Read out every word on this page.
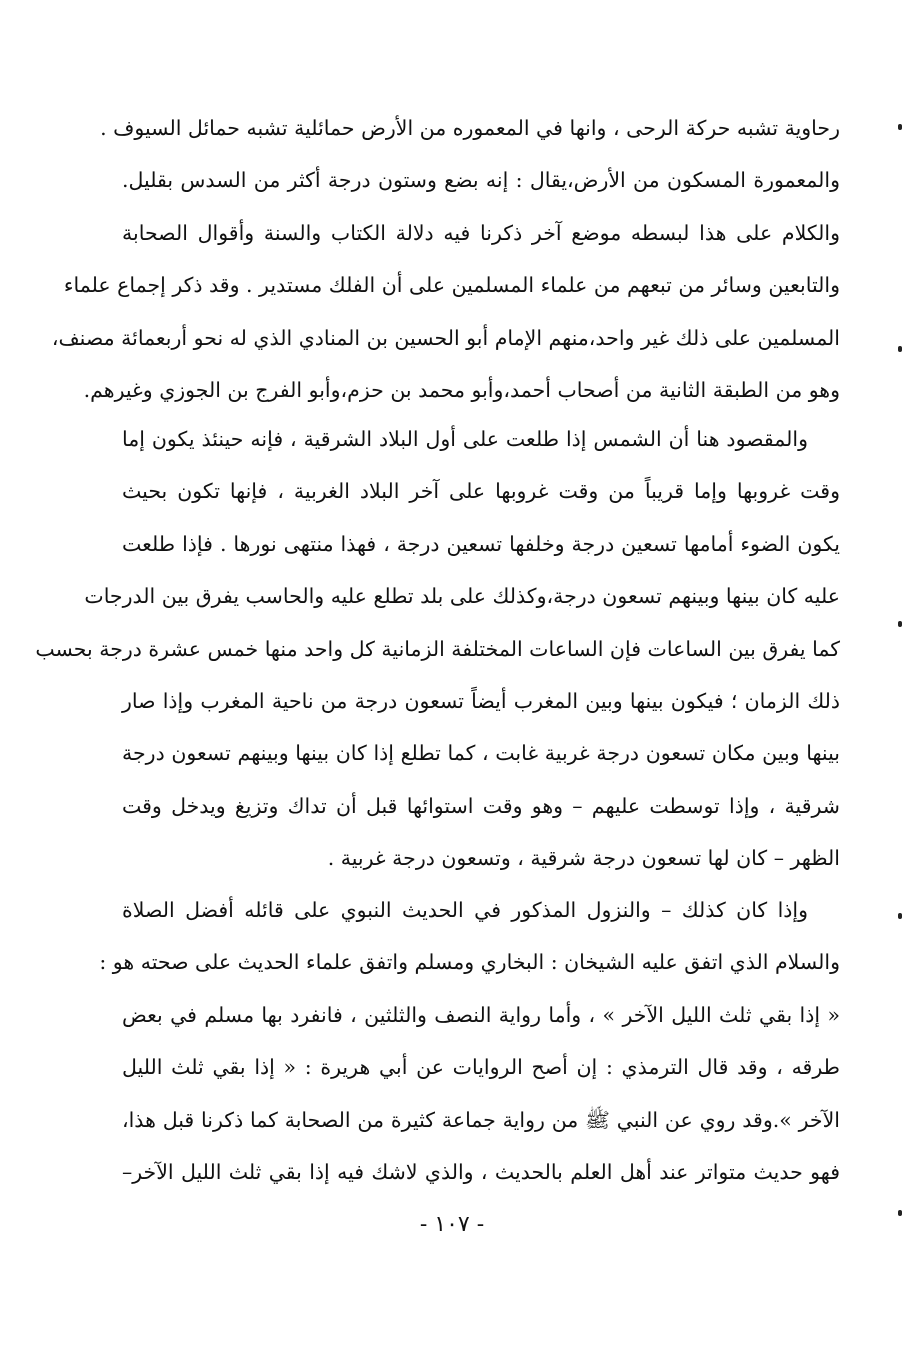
رحاوية تشبه حركة الرحى ، وانها في المعموره من الأرض حمائلية تشبه حمائل السيوف .
والمعمورة المسكون من الأرض،يقال : إنه بضع وستون درجة أكثر من السدس بقليل.
والكلام على هذا لبسطه موضع آخر ذكرنا فيه دلالة الكتاب والسنة وأقوال الصحابة
والتابعين وسائر من تبعهم من علماء المسلمين على أن الفلك مستدير . وقد ذكر إجماع علماء
المسلمين على ذلك غير واحد،منهم الإمام أبو الحسين بن المنادي الذي له نحو أربعمائة مصنف،
وهو من الطبقة الثانية من أصحاب أحمد،وأبو محمد بن حزم،وأبو الفرج بن الجوزي وغيرهم.
والمقصود هنا أن الشمس إذا طلعت على أول البلاد الشرقية ، فإنه حينئذ يكون إما
وقت غروبها وإما قريباً من وقت غروبها على آخر البلاد الغربية ، فإنها تكون بحيث
يكون الضوء أمامها تسعين درجة وخلفها تسعين درجة ، فهذا منتهى نورها . فإذا طلعت
عليه كان بينها وبينهم تسعون درجة،وكذلك على بلد تطلع عليه والحاسب يفرق بين الدرجات
كما يفرق بين الساعات فإن الساعات المختلفة الزمانية كل واحد منها خمس عشرة درجة بحسب
ذلك الزمان ؛ فيكون بينها وبين المغرب أيضاً تسعون درجة من ناحية المغرب وإذا صار
بينها وبين مكان تسعون درجة غربية غابت ، كما تطلع إذا كان بينها وبينهم تسعون درجة
شرقية ، وإذا توسطت عليهم – وهو وقت استوائها قبل أن تداك وتزيغ ويدخل وقت
الظهر – كان لها تسعون درجة شرقية ، وتسعون درجة غربية .
وإذا كان كذلك – والنزول المذكور في الحديث النبوي على قائله أفضل الصلاة
والسلام الذي اتفق عليه الشيخان : البخاري ومسلم واتفق علماء الحديث على صحته هو :
« إذا بقي ثلث الليل الآخر » ، وأما رواية النصف والثلثين ، فانفرد بها مسلم في بعض
طرقه ، وقد قال الترمذي : إن أصح الروايات عن أبي هريرة : « إذا بقي ثلث الليل
الآخر ».وقد روي عن النبي ﷺ من رواية جماعة كثيرة من الصحابة كما ذكرنا قبل هذا،
فهو حديث متواتر عند أهل العلم بالحديث ، والذي لاشك فيه إذا بقي ثلث الليل الآخر–
- ١٠٧ -
